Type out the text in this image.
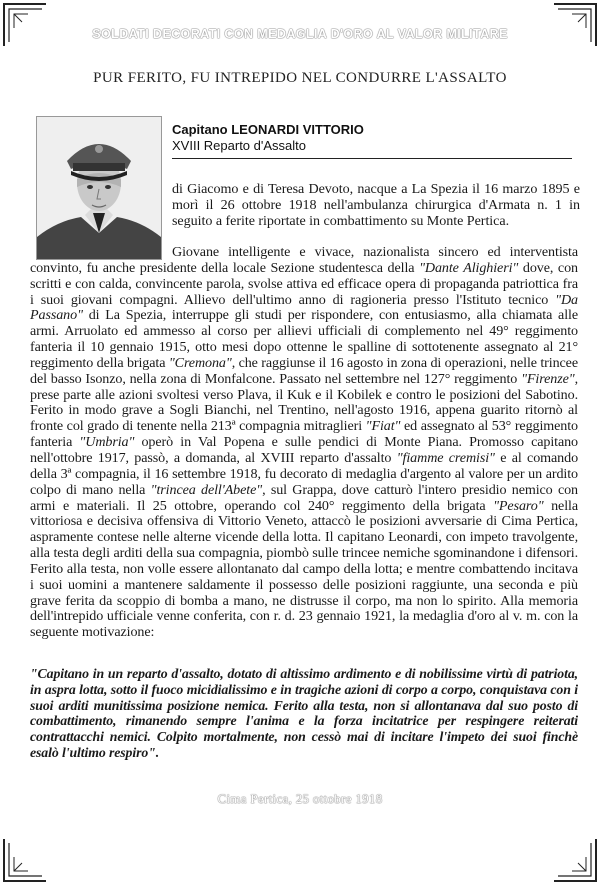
SOLDATI DECORATI CON MEDAGLIA D'ORO AL VALOR MILITARE
PUR FERITO, FU INTREPIDO NEL CONDURRE L'ASSALTO
Capitano LEONARDI VITTORIO
XVIII Reparto d'Assalto

di Giacomo e di Teresa Devoto, nacque a La Spezia il 16 marzo 1895 e morì il 26 ottobre 1918 nell'ambulanza chirurgica d'Armata n. 1 in seguito a ferite riportate in combattimento su Monte Pertica.

Giovane intelligente e vivace, nazionalista sincero ed interventista convinto, fu anche presidente della locale Sezione studentesca della "Dante Alighieri" dove, con scritti e con calda, convincente parola, svolse attiva ed efficace opera di propaganda patriottica fra i suoi giovani compagni. Allievo dell'ultimo anno di ragioneria presso l'Istituto tecnico "Da Passano" di La Spezia, interruppe gli studi per rispondere, con entusiasmo, alla chiamata alle armi. Arruolato ed ammesso al corso per allievi ufficiali di complemento nel 49° reggimento fanteria il 10 gennaio 1915, otto mesi dopo ottenne le spalline di sottotenente assegnato al 21° reggimento della brigata "Cremona", che raggiunse il 16 agosto in zona di operazioni, nelle trincee del basso Isonzo, nella zona di Monfalcone. Passato nel settembre nel 127° reggimento "Firenze", prese parte alle azioni svoltesi verso Plava, il Kuk e il Kobilek e contro le posizioni del Sabotino. Ferito in modo grave a Sogli Bianchi, nel Trentino, nell'agosto 1916, appena guarito ritornò al fronte col grado di tenente nella 213ª compagnia mitraglieri "Fiat" ed assegnato al 53° reggimento fanteria "Umbria" operò in Val Popena e sulle pendici di Monte Piana. Promosso capitano nell'ottobre 1917, passò, a domanda, al XVIII reparto d'assalto "fiamme cremisi" e al comando della 3ª compagnia, il 16 settembre 1918, fu decorato di medaglia d'argento al valore per un ardito colpo di mano nella "trincea dell'Abete", sul Grappa, dove catturò l'intero presidio nemico con armi e materiali. Il 25 ottobre, operando col 240° reggimento della brigata "Pesaro" nella vittoriosa e decisiva offensiva di Vittorio Veneto, attaccò le posizioni avversarie di Cima Pertica, aspramente contese nelle alterne vicende della lotta. Il capitano Leonardi, con impeto travolgente, alla testa degli arditi della sua compagnia, piombò sulle trincee nemiche sgominandone i difensori. Ferito alla testa, non volle essere allontanato dal campo della lotta; e mentre combattendo incitava i suoi uomini a mantenere saldamente il possesso delle posizioni raggiunte, una seconda e più grave ferita da scoppio di bomba a mano, ne distrusse il corpo, ma non lo spirito. Alla memoria dell'intrepido ufficiale venne conferita, con r. d. 23 gennaio 1921, la medaglia d'oro al v. m. con la seguente motivazione:

"Capitano in un reparto d'assalto, dotato di altissimo ardimento e di nobilissime virtù di patriota, in aspra lotta, sotto il fuoco micidialissimo e in tragiche azioni di corpo a corpo, conquistava con i suoi arditi munitissima posizione nemica. Ferito alla testa, non si allontanava dal suo posto di combattimento, rimanendo sempre l'anima e la forza incitatrice per respingere reiterati contrattacchi nemici. Colpito mortalmente, non cessò mai di incitare l'impeto dei suoi finchè esalò l'ultimo respiro".
Cima Pertica, 25 ottobre 1918
